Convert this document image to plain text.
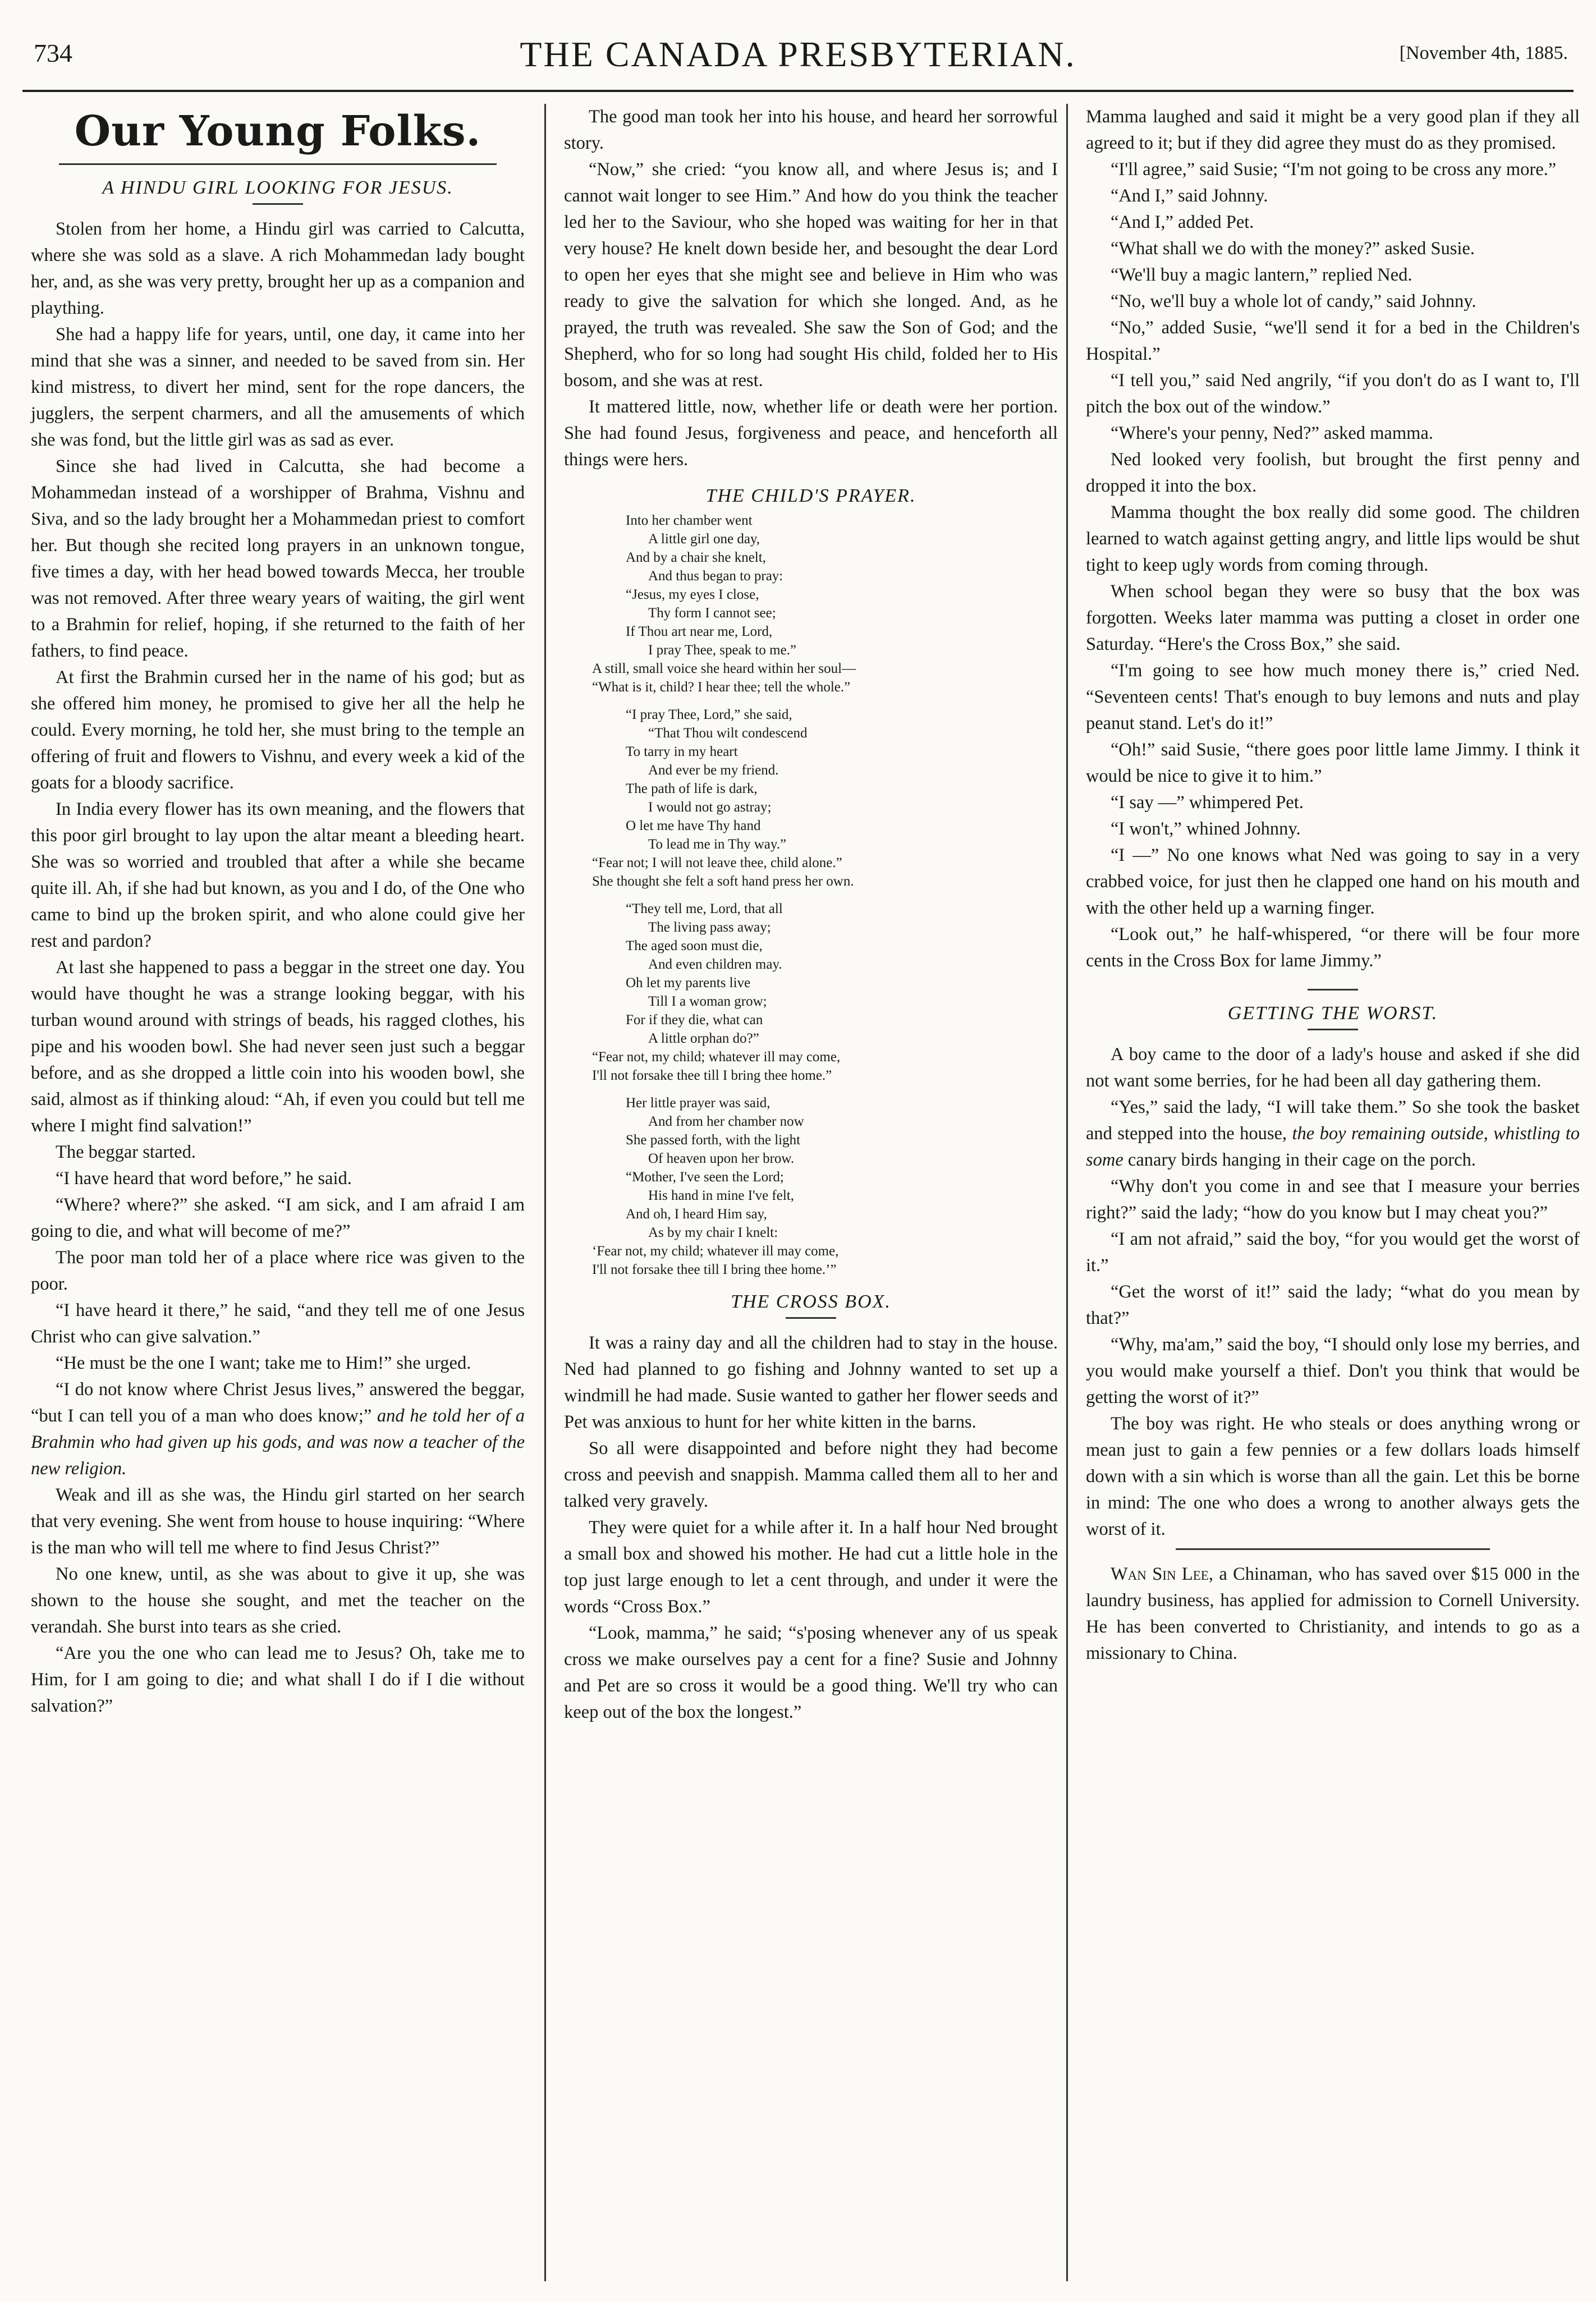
734	THE CANADA PRESBYTERIAN.	[November 4th, 1885.
Our Young Folks.
A HINDU GIRL LOOKING FOR JESUS.

Stolen from her home, a Hindu girl was carried to Calcutta, where she was sold as a slave. A rich Mohammedan lady bought her, and, as she was very pretty, brought her up as a companion and plaything.

She had a happy life for years, until, one day, it came into her mind that she was a sinner, and needed to be saved from sin. Her kind mistress, to divert her mind, sent for the rope dancers, the jugglers, the serpent charmers, and all the amusements of which she was fond, but the little girl was as sad as ever.

Since she had lived in Calcutta, she had become a Mohammedan instead of a worshipper of Brahma, Vishnu and Siva, and so the lady brought her a Mohammedan priest to comfort her. But though she recited long prayers in an unknown tongue, five times a day, with her head bowed towards Mecca, her trouble was not removed. After three weary years of waiting, the girl went to a Brahmin for relief, hoping, if she returned to the faith of her fathers, to find peace.

At first the Brahmin cursed her in the name of his god; but as she offered him money, he promised to give her all the help he could. Every morning, he told her, she must bring to the temple an offering of fruit and flowers to Vishnu, and every week a kid of the goats for a bloody sacrifice.

In India every flower has its own meaning, and the flowers that this poor girl brought to lay upon the altar meant a bleeding heart. She was so worried and troubled that after a while she became quite ill. Ah, if she had but known, as you and I do, of the One who came to bind up the broken spirit, and who alone could give her rest and pardon?

At last she happened to pass a beggar in the street one day. You would have thought he was a strange looking beggar, with his turban wound around with strings of beads, his ragged clothes, his pipe and his wooden bowl. She had never seen just such a beggar before, and as she dropped a little coin into his wooden bowl, she said, almost as if thinking aloud: “Ah, if even you could but tell me where I might find salvation!”

The beggar started.

“I have heard that word before,” he said.

“Where? where?” she asked. “I am sick, and I am afraid I am going to die, and what will become of me?”

The poor man told her of a place where rice was given to the poor.

“I have heard it there,” he said, “and they tell me of one Jesus Christ who can give salvation.”

“He must be the one I want; take me to Him!” she urged.

“I do not know where Christ Jesus lives,” answered the beggar, “but I can tell you of a man who does know;” and he told her of a Brahmin who had given up his gods, and was now a teacher of the new religion.

Weak and ill as she was, the Hindu girl started on her search that very evening. She went from house to house inquiring: “Where is the man who will tell me where to find Jesus Christ?”

No one knew, until, as she was about to give it up, she was shown to the house she sought, and met the teacher on the verandah. She burst into tears as she cried.

“Are you the one who can lead me to Jesus? Oh, take me to Him, for I am going to die; and what shall I do if I die without salvation?”

The good man took her into his house, and heard her sorrowful story.

“Now,” she cried: “you know all, and where Jesus is; and I cannot wait longer to see Him.” And how do you think the teacher led her to the Saviour, who she hoped was waiting for her in that very house? He knelt down beside her, and besought the dear Lord to open her eyes that she might see and believe in Him who was ready to give the salvation for which she longed. And, as he prayed, the truth was revealed. She saw the Son of God; and the Shepherd, who for so long had sought His child, folded her to His bosom, and she was at rest.

It mattered little, now, whether life or death were her portion. She had found Jesus, forgiveness and peace, and henceforth all things were hers.

THE CHILD'S PRAYER.
Into her chamber went
A little girl one day,
And by a chair she knelt,
And thus began to pray:
“Jesus, my eyes I close,
Thy form I cannot see;
If Thou art near me, Lord,
I pray Thee, speak to me.”
A still, small voice she heard within her soul—
“What is it, child? I hear thee; tell the whole.”
“I pray Thee, Lord,” she said,
“That Thou wilt condescend
To tarry in my heart
And ever be my friend.
The path of life is dark,
I would not go astray;
O let me have Thy hand
To lead me in Thy way.”
“Fear not; I will not leave thee, child alone.”
She thought she felt a soft hand press her own.
“They tell me, Lord, that all
The living pass away;
The aged soon must die,
And even children may.
Oh let my parents live
Till I a woman grow;
For if they die, what can
A little orphan do?”
“Fear not, my child; whatever ill may come,
I'll not forsake thee till I bring thee home.”
Her little prayer was said,
And from her chamber now
She passed forth, with the light
Of heaven upon her brow.
“Mother, I've seen the Lord;
His hand in mine I've felt,
And oh, I heard Him say,
As by my chair I knelt:
‘Fear not, my child; whatever ill may come,
I'll not forsake thee till I bring thee home.’”
THE CROSS BOX.

It was a rainy day and all the children had to stay in the house. Ned had planned to go fishing and Johnny wanted to set up a windmill he had made. Susie wanted to gather her flower seeds and Pet was anxious to hunt for her white kitten in the barns.

So all were disappointed and before night they had become cross and peevish and snappish. Mamma called them all to her and talked very gravely.

They were quiet for a while after it. In a half hour Ned brought a small box and showed his mother. He had cut a little hole in the top just large enough to let a cent through, and under it were the words “Cross Box.”

“Look, mamma,” he said; “s'posing whenever any of us speak cross we make ourselves pay a cent for a fine? Susie and Johnny and Pet are so cross it would be a good thing. We'll try who can keep out of the box the longest.”

Mamma laughed and said it might be a very good plan if they all agreed to it; but if they did agree they must do as they promised.

“I'll agree,” said Susie; “I'm not going to be cross any more.”

“And I,” said Johnny.

“And I,” added Pet.

“What shall we do with the money?” asked Susie.

“We'll buy a magic lantern,” replied Ned.

“No, we'll buy a whole lot of candy,” said Johnny.

“No,” added Susie, “we'll send it for a bed in the Children's Hospital.”

“I tell you,” said Ned angrily, “if you don't do as I want to, I'll pitch the box out of the window.”

“Where's your penny, Ned?” asked mamma.

Ned looked very foolish, but brought the first penny and dropped it into the box.

Mamma thought the box really did some good. The children learned to watch against getting angry, and little lips would be shut tight to keep ugly words from coming through.

When school began they were so busy that the box was forgotten. Weeks later mamma was putting a closet in order one Saturday. “Here's the Cross Box,” she said.

“I'm going to see how much money there is,” cried Ned. “Seventeen cents! That's enough to buy lemons and nuts and play peanut stand. Let's do it!”

“Oh!” said Susie, “there goes poor little lame Jimmy. I think it would be nice to give it to him.”

“I say —” whimpered Pet.

“I won't,” whined Johnny.

“I —” No one knows what Ned was going to say in a very crabbed voice, for just then he clapped one hand on his mouth and with the other held up a warning finger.

“Look out,” he half-whispered, “or there will be four more cents in the Cross Box for lame Jimmy.”

GETTING THE WORST.

A boy came to the door of a lady's house and asked if she did not want some berries, for he had been all day gathering them.

“Yes,” said the lady, “I will take them.” So she took the basket and stepped into the house, the boy remaining outside, whistling to some canary birds hanging in their cage on the porch.

“Why don't you come in and see that I measure your berries right?” said the lady; “how do you know but I may cheat you?”

“I am not afraid,” said the boy, “for you would get the worst of it.”

“Get the worst of it!” said the lady; “what do you mean by that?”

“Why, ma'am,” said the boy, “I should only lose my berries, and you would make yourself a thief. Don't you think that would be getting the worst of it?”

The boy was right. He who steals or does anything wrong or mean just to gain a few pennies or a few dollars loads himself down with a sin which is worse than all the gain. Let this be borne in mind: The one who does a wrong to another always gets the worst of it.

Wan Sin Lee, a Chinaman, who has saved over $15 000 in the laundry business, has applied for admission to Cornell University. He has been converted to Christianity, and intends to go as a missionary to China.
